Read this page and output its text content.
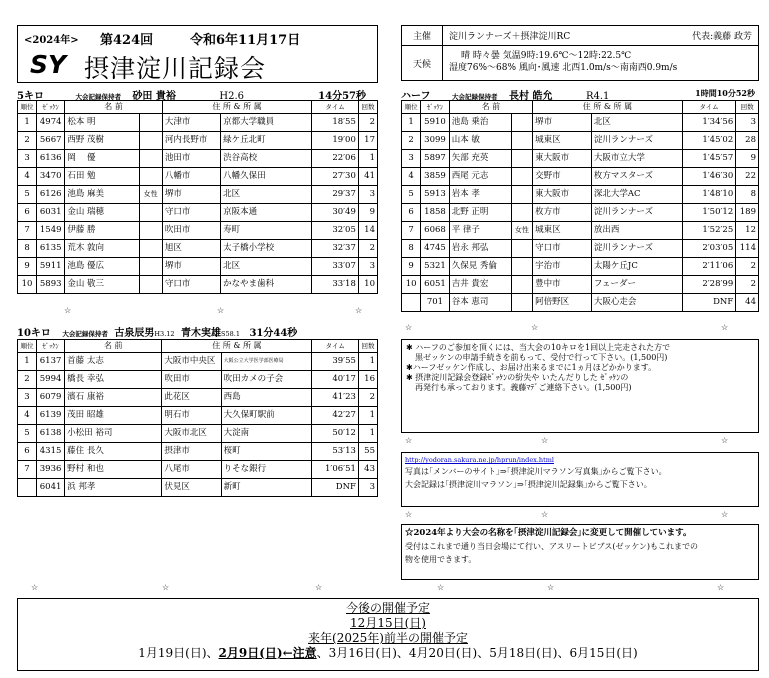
<2024年> 第424回	令和6年11月17日
SY 摂津淀川記録会
主催	淀川ランナーズ＋摂津淀川RC 代表:義藤 政芳

天候	晴 時々曇 気温9時:19.6℃～12時:22.5℃
湿度76%～68% 風向･風速 北西1.0m/s～南南西0.9m/s
5キロ	大会記録保持者 砂田 貴裕	H2.6	14分57秒
順位	ｾﾞｯｹﾝ	名 前		住 所 & 所 属		タイム	回数
1	4974	松本 明		大津市	京都大学職員	18′55	2
2	5667	西野 茂樹		河内長野市	緑ケ丘北町	19′00	17
3	6136	岡　 優		池田市	渋谷高校	22′06	1
4	3470	石田 勉		八幡市	八幡久保田	27′30	41
5	6126	池島 麻美	女性	堺市	北区	29′37	3
6	6031	金山 瑞穂		守口市	京阪本通	30′49	9
7	1549	伊藤 勝		吹田市	寿町	32′05	14
8	6135	荒木 敦向		旭区	太子橋小学校	32′37	2
9	5911	池島 優広		堺市	北区	33′07	3
10	5893	金山 敬三		守口市	かなやま歯科	33′18	10
☆	☆	☆
10キロ 大会記録保持者 古泉辰男H3.12 青木実雄S58.1 31分44秒
順位	ｾﾞｯｹﾝ	名 前	住 所 & 所 属		タイム	回数
1	6137	首藤 太志	大阪市中央区	大阪公立大学医学部医療局	39′55	1
2	5994	橋長 幸弘	吹田市	吹田カメの子会	40′17	16
3	6079	濱石 康裕	此花区	西島	41′23	2
4	6139	茂田 昭雄	明石市	大久保町駅前	42′27	1
5	6138	小松田 裕司	大阪市北区	大淀南	50′12	1
6	4315	藤住 長久	摂津市	桜町	53′13	55
7	3936	野村 和也	八尾市	りそな銀行	1′06′51	43
	6041	浜 邦孝	伏見区	新町	DNF	3
ハーフ	大会記録保持者 長村 皓允	R4.1	1時間10分52秒
順位	ｾﾞｯｹﾝ	名 前		住 所 & 所 属		タイム	回数
1	5910	池島 乗治		堺市	北区	1′34′56	3
2	3099	山本 敏		城東区	淀川ランナーズ	1′45′02	28
3	5897	矢部 充英		東大阪市	大阪市立大学	1′45′57	9
4	3859	西尾 元志		交野市	枚方マスターズ	1′46′30	22
5	5913	岩本 孝		東大阪市	深北大学AC	1′48′10	8
6	1858	北野 正明		枚方市	淀川ランナーズ	1′50′12	189
7	6068	平 律子	女性	城東区	放出西	1′52′25	12
8	4745	岩永 邦弘		守口市	淀川ランナーズ	2′03′05	114
9	5321	久保見 秀倫		宇治市	太陽ケ丘JC	2′11′06	2
10	6051	吉井 貴宏		豊中市	フェーダー	2′28′99	2
	701	谷本 恵司		阿倍野区	大阪心走会	DNF	44
☆	☆	☆
✱ ハーフのご参加を頂くには、当大会の10キロを1回以上完走された方で
黒ゼッケンの申請手続きを前もって、受付で行って下さい。(1,500円)
✱ハーフゼッケン作成し、お届け出来るまでに1ヵ月ほどかかります。
✱ 摂津淀川記録会登録ｾﾞｯｹﾝの紛失や いたんだりした ｾﾞｯｹﾝの
再発行も承っております。義藤ﾏﾃﾞご連絡下さい。(1,500円)
☆	☆	☆
http://yodoran.sakura.ne.jp/hprun/index.html
写真は｢メンバーのサイト｣⇒｢摂津淀川マラソン写真集｣からご覧下さい。
大会記録は｢摂津淀川マラソン｣⇒｢摂津淀川記録集｣からご覧下さい。
☆	☆	☆
☆2024年より大会の名称を｢摂津淀川記録会｣に変更して開催しています。
受付はこれまで通り当日会場にて行い、アスリートビブス(ゼッケン)もこれまでの
物を使用できます。
☆	☆	☆	☆	☆	☆
今後の開催予定
12月15日(日)
来年(2025年)前半の開催予定
1月19日(日)、2月9日(日)←注意、3月16日(日)、4月20日(日)、5月18日(日)、6月15日(日)
